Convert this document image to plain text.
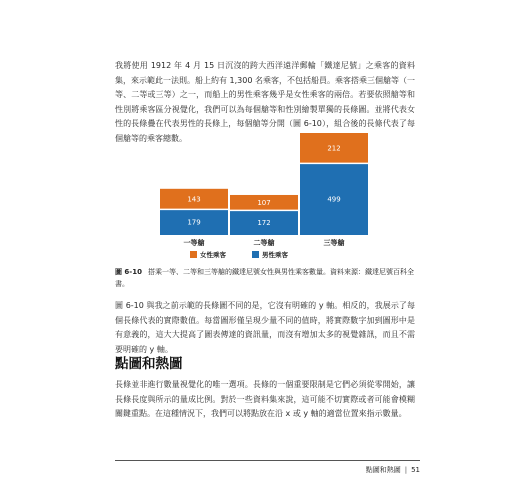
我將使用 1912 年 4 月 15 日沉沒的跨大西洋遠洋郵輪「鐵達尼號」之乘客的資料集，來示範此一法則。船上約有 1,300 名乘客，不包括船員。乘客搭乘三個艙等（一等、二等或三等）之一，而船上的男性乘客幾乎是女性乘客的兩倍。若要依照艙等和性別將乘客區分視覺化，我們可以為每個艙等和性別繪製單獨的長條圖。並將代表女性的長條疊在代表男性的長條上，每個艙等分開（圖 6-10），組合後的長條代表了每個艙等的乘客總數。

179
143
一等艙
172
107
二等艙
499
212
三等艙
女性乘客	男性乘客

圖 6-10 搭乘一等、二等和三等艙的鐵達尼號女性與男性乘客數量。資料來源：鐵達尼號百科全書。

圖 6-10 與我之前示範的長條圖不同的是，它沒有明確的 y 軸。相反的，我展示了每個長條代表的實際數值。每當圖形僅呈現少量不同的值時，將實際數字加到圖形中是有意義的，這大大提高了圖表傳達的資訊量，而沒有增加太多的視覺雜訊，而且不需要明確的 y 軸。

點圖和熱圖

長條並非進行數量視覺化的唯一選項。長條的一個重要限制是它們必須從零開始，讓長條長度與所示的量成比例。對於一些資料集來說，這可能不切實際或者可能會模糊關鍵重點。在這種情況下，我們可以將點放在沿 x 或 y 軸的適當位置來指示數量。

點圖和熱圖 | 51
